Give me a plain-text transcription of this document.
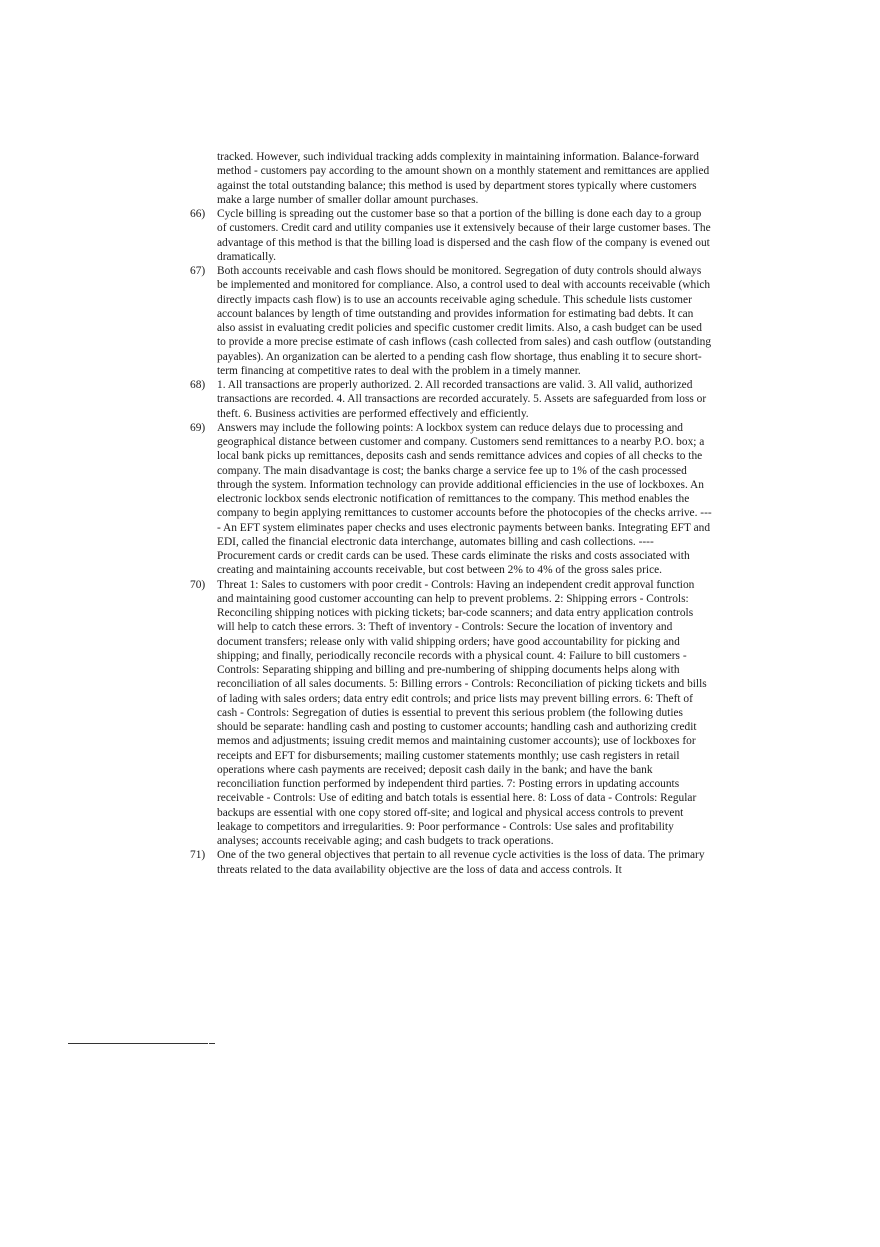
tracked. However, such individual tracking adds complexity in maintaining information. Balance-forward method - customers pay according to the amount shown on a monthly statement and remittances are applied against the total outstanding balance; this method is used by department stores typically where customers make a large number of smaller dollar amount purchases.
66)	Cycle billing is spreading out the customer base so that a portion of the billing is done each day to a group of customers. Credit card and utility companies use it extensively because of their large customer bases. The advantage of this method is that the billing load is dispersed and the cash flow of the company is evened out dramatically.
67)	Both accounts receivable and cash flows should be monitored. Segregation of duty controls should always be implemented and monitored for compliance. Also, a control used to deal with accounts receivable (which directly impacts cash flow) is to use an accounts receivable aging schedule. This schedule lists customer account balances by length of time outstanding and provides information for estimating bad debts. It can also assist in evaluating credit policies and specific customer credit limits. Also, a cash budget can be used to provide a more precise estimate of cash inflows (cash collected from sales) and cash outflow (outstanding payables). An organization can be alerted to a pending cash flow shortage, thus enabling it to secure short-term financing at competitive rates to deal with the problem in a timely manner.
68)	1. All transactions are properly authorized. 2. All recorded transactions are valid. 3. All valid, authorized transactions are recorded. 4. All transactions are recorded accurately. 5. Assets are safeguarded from loss or theft. 6. Business activities are performed effectively and efficiently.
69)	Answers may include the following points: A lockbox system can reduce delays due to processing and geographical distance between customer and company. Customers send remittances to a nearby P.O. box; a local bank picks up remittances, deposits cash and sends remittance advices and copies of all checks to the company. The main disadvantage is cost; the banks charge a service fee up to 1% of the cash processed through the system. Information technology can provide additional efficiencies in the use of lockboxes. An electronic lockbox sends electronic notification of remittances to the company. This method enables the company to begin applying remittances to customer accounts before the photocopies of the checks arrive. ---- An EFT system eliminates paper checks and uses electronic payments between banks. Integrating EFT and EDI, called the financial electronic data interchange, automates billing and cash collections. ---- Procurement cards or credit cards can be used. These cards eliminate the risks and costs associated with creating and maintaining accounts receivable, but cost between 2% to 4% of the gross sales price.
70)	Threat 1: Sales to customers with poor credit - Controls: Having an independent credit approval function and maintaining good customer accounting can help to prevent problems. 2: Shipping errors - Controls: Reconciling shipping notices with picking tickets; bar-code scanners; and data entry application controls will help to catch these errors. 3: Theft of inventory - Controls: Secure the location of inventory and document transfers; release only with valid shipping orders; have good accountability for picking and shipping; and finally, periodically reconcile records with a physical count. 4: Failure to bill customers - Controls: Separating shipping and billing and pre-numbering of shipping documents helps along with reconciliation of all sales documents. 5: Billing errors - Controls: Reconciliation of picking tickets and bills of lading with sales orders; data entry edit controls; and price lists may prevent billing errors. 6: Theft of cash - Controls: Segregation of duties is essential to prevent this serious problem (the following duties should be separate: handling cash and posting to customer accounts; handling cash and authorizing credit memos and adjustments; issuing credit memos and maintaining customer accounts); use of lockboxes for receipts and EFT for disbursements; mailing customer statements monthly; use cash registers in retail operations where cash payments are received; deposit cash daily in the bank; and have the bank reconciliation function performed by independent third parties. 7: Posting errors in updating accounts receivable - Controls: Use of editing and batch totals is essential here. 8: Loss of data - Controls: Regular backups are essential with one copy stored off-site; and logical and physical access controls to prevent leakage to competitors and irregularities. 9: Poor performance - Controls: Use sales and profitability analyses; accounts receivable aging; and cash budgets to track operations.
71)	One of the two general objectives that pertain to all revenue cycle activities is the loss of data. The primary threats related to the data availability objective are the loss of data and access controls. It
